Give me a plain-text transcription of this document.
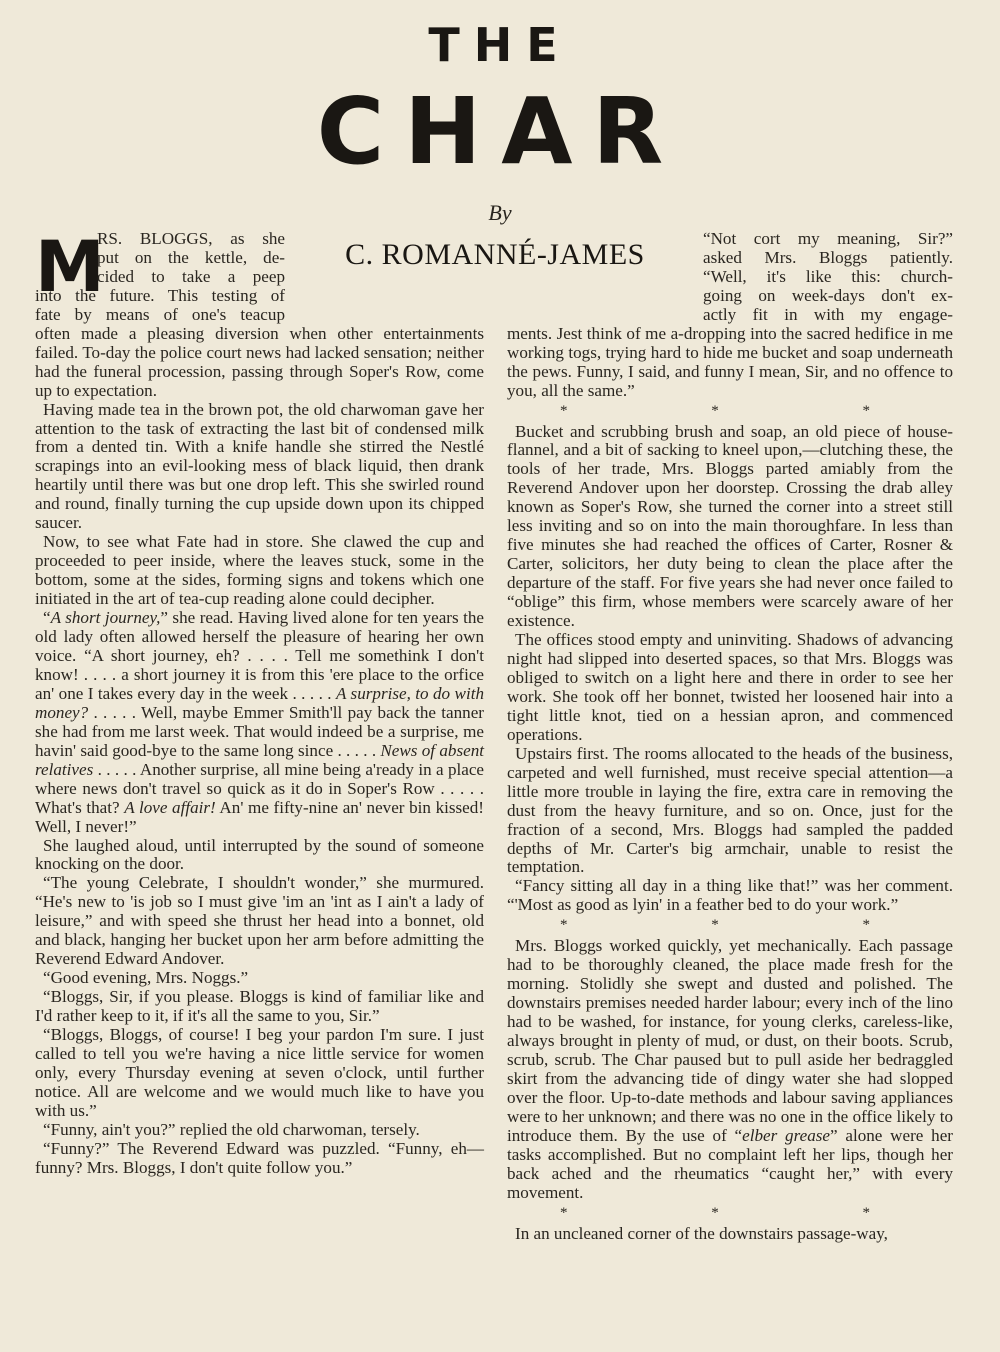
THE
CHAR
By
C. ROMANNÉ-JAMES
M
RS. BLOGGS, as she
put on the kettle, de-
cided to take a peep
into the future. This testing of
fate by means of one's teacup

often made a pleasing diversion when other entertainments failed. To-day the police court news had lacked sensation; neither had the funeral procession, passing through Soper's Row, come up to expectation.

Having made tea in the brown pot, the old charwoman gave her attention to the task of extracting the last bit of condensed milk from a dented tin. With a knife handle she stirred the Nestlé scrapings into an evil-looking mess of black liquid, then drank heartily until there was but one drop left. This she swirled round and round, finally turning the cup upside down upon its chipped saucer.

Now, to see what Fate had in store. She clawed the cup and proceeded to peer inside, where the leaves stuck, some in the bottom, some at the sides, forming signs and tokens which one initiated in the art of tea-cup reading alone could decipher.

“A short journey,” she read. Having lived alone for ten years the old lady often allowed herself the pleasure of hearing her own voice. “A short journey, eh? . . . . Tell me somethink I don't know! . . . . a short journey it is from this 'ere place to the orfice an' one I takes every day in the week . . . . . A surprise, to do with money? . . . . . Well, maybe Emmer Smith'll pay back the tanner she had from me larst week. That would indeed be a surprise, me havin' said good-bye to the same long since . . . . . News of absent relatives . . . . . Another surprise, all mine being a'ready in a place where news don't travel so quick as it do in Soper's Row . . . . . What's that? A love affair! An' me fifty-nine an' never bin kissed! Well, I never!”

She laughed aloud, until interrupted by the sound of someone knocking on the door.

“The young Celebrate, I shouldn't wonder,” she murmured. “He's new to 'is job so I must give 'im an 'int as I ain't a lady of leisure,” and with speed she thrust her head into a bonnet, old and black, hanging her bucket upon her arm before admitting the Reverend Edward Andover.

“Good evening, Mrs. Noggs.”

“Bloggs, Sir, if you please. Bloggs is kind of familiar like and I'd rather keep to it, if it's all the same to you, Sir.”

“Bloggs, Bloggs, of course! I beg your pardon I'm sure. I just called to tell you we're having a nice little service for women only, every Thursday evening at seven o'clock, until further notice. All are welcome and we would much like to have you with us.”

“Funny, ain't you?” replied the old charwoman, tersely.

“Funny?” The Reverend Edward was puzzled. “Funny, eh—funny? Mrs. Bloggs, I don't quite follow you.”

“Not cort my meaning, Sir?”
asked Mrs. Bloggs patiently.
“Well, it's like this: church-
going on week-days don't ex-
actly fit in with my engage-

ments. Jest think of me a-dropping into the sacred hedifice in me working togs, trying hard to hide me bucket and soap underneath the pews. Funny, I said, and funny I mean, Sir, and no offence to you, all the same.”

* * *

Bucket and scrubbing brush and soap, an old piece of house-flannel, and a bit of sacking to kneel upon,—clutching these, the tools of her trade, Mrs. Bloggs parted amiably from the Reverend Andover upon her doorstep. Crossing the drab alley known as Soper's Row, she turned the corner into a street still less inviting and so on into the main thoroughfare. In less than five minutes she had reached the offices of Carter, Rosner & Carter, solicitors, her duty being to clean the place after the departure of the staff. For five years she had never once failed to “oblige” this firm, whose members were scarcely aware of her existence.

The offices stood empty and uninviting. Shadows of advancing night had slipped into deserted spaces, so that Mrs. Bloggs was obliged to switch on a light here and there in order to see her work. She took off her bonnet, twisted her loosened hair into a tight little knot, tied on a hessian apron, and commenced operations.

Upstairs first. The rooms allocated to the heads of the business, carpeted and well furnished, must receive special attention—a little more trouble in laying the fire, extra care in removing the dust from the heavy furniture, and so on. Once, just for the fraction of a second, Mrs. Bloggs had sampled the padded depths of Mr. Carter's big armchair, unable to resist the temptation.

“Fancy sitting all day in a thing like that!” was her comment. “'Most as good as lyin' in a feather bed to do your work.”

* * *

Mrs. Bloggs worked quickly, yet mechanically. Each passage had to be thoroughly cleaned, the place made fresh for the morning. Stolidly she swept and dusted and polished. The downstairs premises needed harder labour; every inch of the lino had to be washed, for instance, for young clerks, careless-like, always brought in plenty of mud, or dust, on their boots. Scrub, scrub, scrub. The Char paused but to pull aside her bedraggled skirt from the advancing tide of dingy water she had slopped over the floor. Up-to-date methods and labour saving appliances were to her unknown; and there was no one in the office likely to introduce them. By the use of “elber grease” alone were her tasks accomplished. But no complaint left her lips, though her back ached and the rheumatics “caught her,” with every movement.

* * *

In an uncleaned corner of the downstairs passage-way,
